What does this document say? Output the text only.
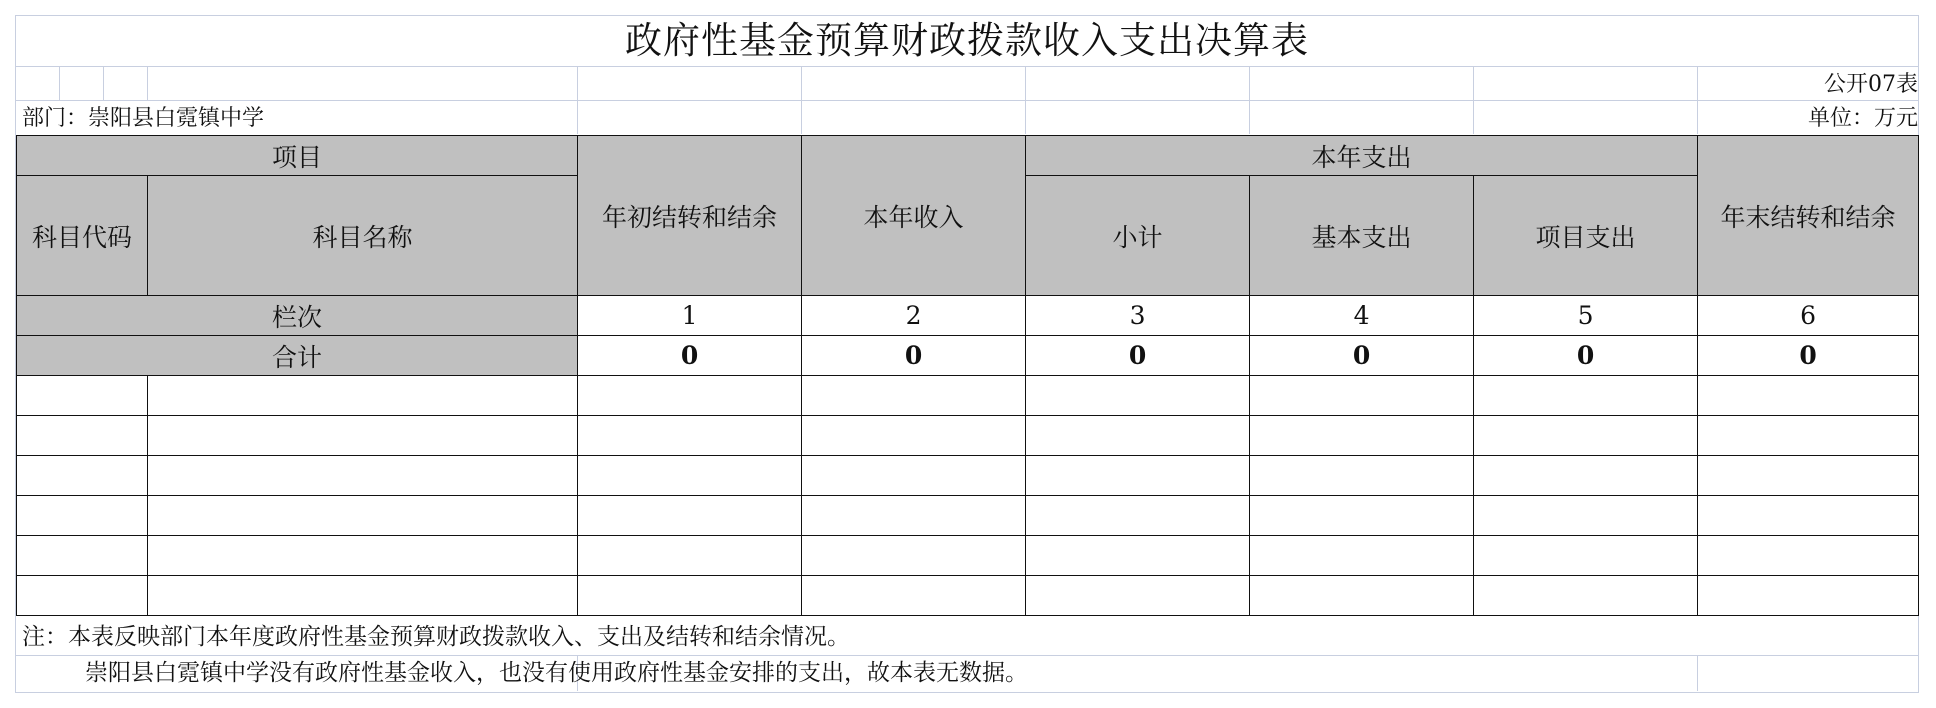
政府性基金预算财政拨款收入支出决算表
公开07表
部门：崇阳县白霓镇中学	单位：万元
项目		年初结转和结余	本年收入	本年支出			年末结转和结余
科目代码	科目名称			小计	基本支出	项目支出	
栏次		1	2	3	4	5	6
合计		0	0	0	0	0	0

注：本表反映部门本年度政府性基金预算财政拨款收入、支出及结转和结余情况。
崇阳县白霓镇中学没有政府性基金收入，也没有使用政府性基金安排的支出，故本表无数据。
